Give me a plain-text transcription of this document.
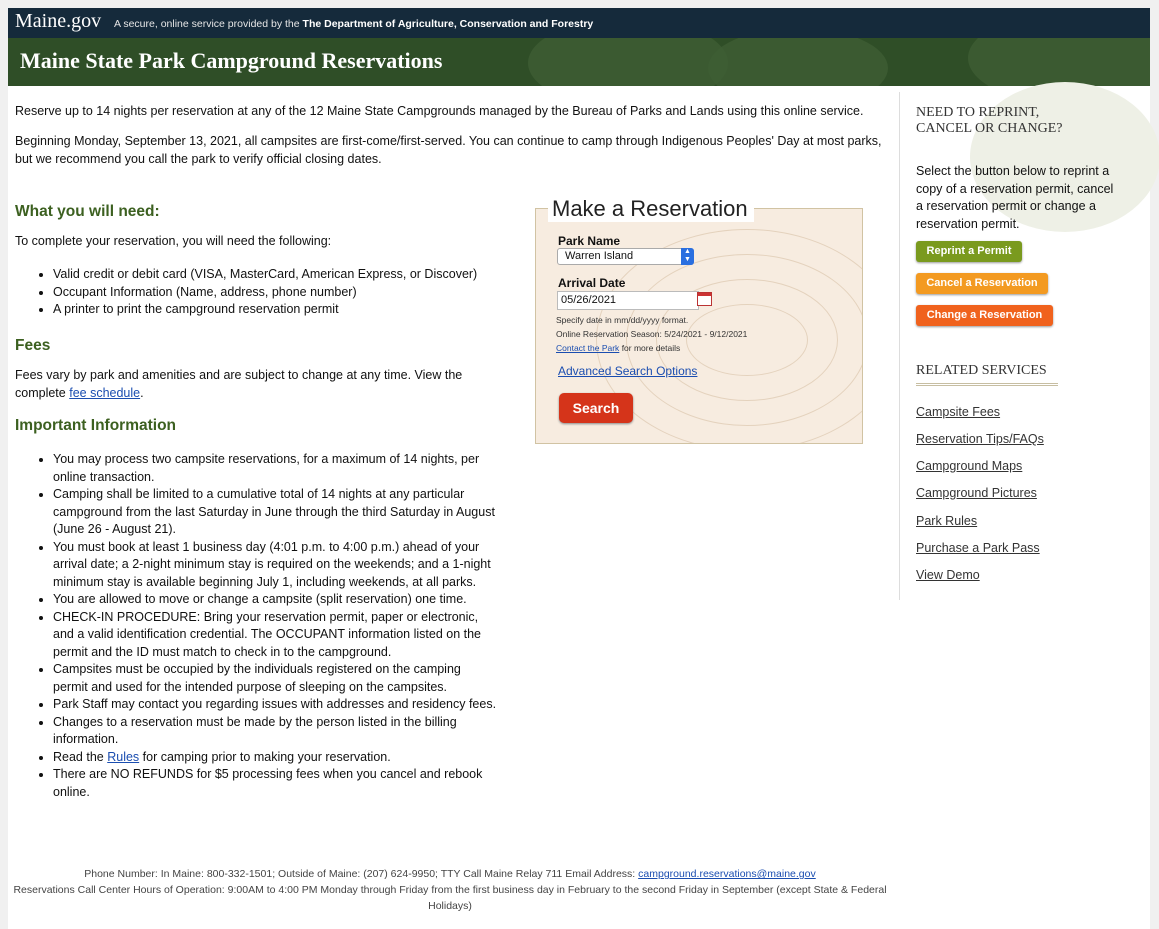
Maine.gov A secure, online service provided by the The Department of Agriculture, Conservation and Forestry
Maine State Park Campground Reservations

Reserve up to 14 nights per reservation at any of the 12 Maine State Campgrounds managed by the Bureau of Parks and Lands using this online service.

Beginning Monday, September 13, 2021, all campsites are first-come/first-served. You can continue to camp through Indigenous Peoples' Day at most parks, but we recommend you call the park to verify official closing dates.

What you will need:

To complete your reservation, you will need the following:

• Valid credit or debit card (VISA, MasterCard, American Express, or Discover)
• Occupant Information (Name, address, phone number)
• A printer to print the campground reservation permit
Fees

Fees vary by park and amenities and are subject to change at any time. View the complete fee schedule.

Important Information
• You may process two campsite reservations, for a maximum of 14 nights, per online transaction.
• Camping shall be limited to a cumulative total of 14 nights at any particular campground from the last Saturday in June through the third Saturday in August (June 26 - August 21).
• You must book at least 1 business day (4:01 p.m. to 4:00 p.m.) ahead of your arrival date; a 2-night minimum stay is required on the weekends; and a 1-night minimum stay is available beginning July 1, including weekends, at all parks.
• You are allowed to move or change a campsite (split reservation) one time.
• CHECK-IN PROCEDURE: Bring your reservation permit, paper or electronic, and a valid identification credential. The OCCUPANT information listed on the permit and the ID must match to check in to the campground.
• Campsites must be occupied by the individuals registered on the camping permit and used for the intended purpose of sleeping on the campsites.
• Park Staff may contact you regarding issues with addresses and residency fees.
• Changes to a reservation must be made by the person listed in the billing information.
• Read the Rules for camping prior to making your reservation.
• There are NO REFUNDS for $5 processing fees when you cancel and rebook online.
Make a Reservation
Park Name
Warren Island	▲
▼
Arrival Date
05/26/2021
Specify date in mm/dd/yyyy format.
Online Reservation Season: 5/24/2021 - 9/12/2021
Contact the Park for more details
Advanced Search Options
Search
NEED TO REPRINT,
CANCEL OR CHANGE?

Select the button below to reprint a copy of a reservation permit, cancel a reservation permit or change a reservation permit.

Reprint a Permit
Cancel a Reservation
Change a Reservation
RELATED SERVICES
Campsite Fees
Reservation Tips/FAQs
Campground Maps
Campground Pictures
Park Rules
Purchase a Park Pass
View Demo
Phone Number: In Maine: 800-332-1501; Outside of Maine: (207) 624-9950; TTY Call Maine Relay 711 Email Address: campground.reservations@maine.gov
Reservations Call Center Hours of Operation: 9:00AM to 4:00 PM Monday through Friday from the first business day in February to the second Friday in September (except State & Federal Holidays)
